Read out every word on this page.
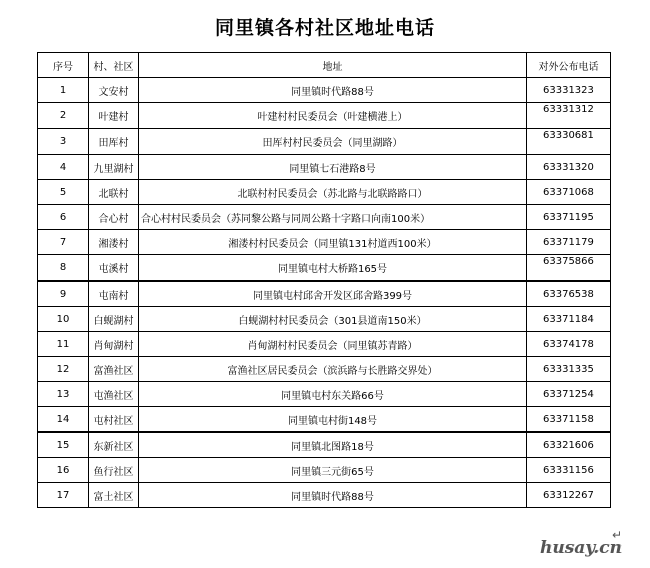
同里镇各村社区地址电话
序号	村、社区	地址	对外公布电话
1	文安村	同里镇时代路88号	63331323
2	叶建村	叶建村村民委员会（叶建横港上）	63331312
3	田厍村	田厍村村民委员会（同里湖路）	63330681
4	九里湖村	同里镇七石港路8号	63331320
5	北联村	北联村村民委员会（苏北路与北联路路口）	63371068
6	合心村	合心村村民委员会（苏同黎公路与同周公路十字路口向南100米）	63371195
7	湘溇村	湘溇村村民委员会（同里镇131村道西100米）	63371179
8	屯溪村	同里镇屯村大桥路165号	63375866
9	屯南村	同里镇屯村邱舍开发区邱舍路399号	63376538
10	白蚬湖村	白蚬湖村村民委员会（301县道南150米）	63371184
11	肖甸湖村	肖甸湖村村民委员会（同里镇苏青路）	63374178
12	富渔社区	富渔社区居民委员会（滨浜路与长胜路交界处）	63331335
13	屯渔社区	同里镇屯村东关路66号	63371254
14	屯村社区	同里镇屯村街148号	63371158
15	东新社区	同里镇北图路18号	63321606
16	鱼行社区	同里镇三元街65号	63331156
17	富土社区	同里镇时代路88号	63312267
↵
husay.cn
